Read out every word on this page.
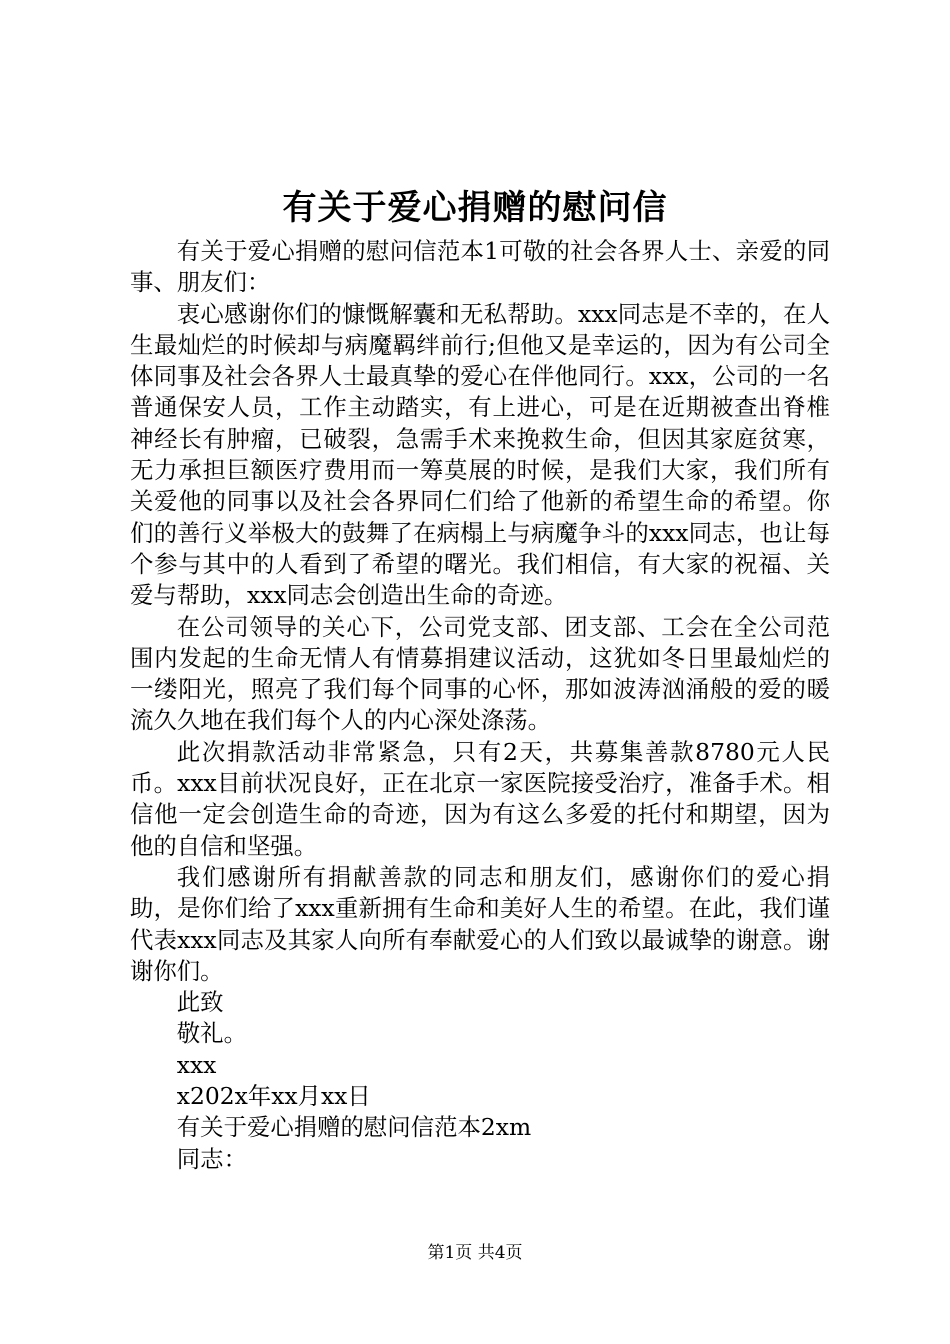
有关于爱心捐赠的慰问信

有关于爱心捐赠的慰问信范本1可敬的社会各界人士、亲爱的同事、朋友们：

衷心感谢你们的慷慨解囊和无私帮助。xxx同志是不幸的，在人生最灿烂的时候却与病魔羁绊前行;但他又是幸运的，因为有公司全体同事及社会各界人士最真挚的爱心在伴他同行。xxx，公司的一名普通保安人员，工作主动踏实，有上进心，可是在近期被查出脊椎神经长有肿瘤，已破裂，急需手术来挽救生命，但因其家庭贫寒，无力承担巨额医疗费用而一筹莫展的时候，是我们大家，我们所有关爱他的同事以及社会各界同仁们给了他新的希望生命的希望。你们的善行义举极大的鼓舞了在病榻上与病魔争斗的xxx同志，也让每个参与其中的人看到了希望的曙光。我们相信，有大家的祝福、关爱与帮助，xxx同志会创造出生命的奇迹。

在公司领导的关心下，公司党支部、团支部、工会在全公司范围内发起的生命无情人有情募捐建议活动，这犹如冬日里最灿烂的一缕阳光，照亮了我们每个同事的心怀，那如波涛汹涌般的爱的暖流久久地在我们每个人的内心深处涤荡。

此次捐款活动非常紧急，只有2天，共募集善款8780元人民币。xxx目前状况良好，正在北京一家医院接受治疗，准备手术。相信他一定会创造生命的奇迹，因为有这么多爱的托付和期望，因为他的自信和坚强。

我们感谢所有捐献善款的同志和朋友们，感谢你们的爱心捐助，是你们给了xxx重新拥有生命和美好人生的希望。在此，我们谨代表xxx同志及其家人向所有奉献爱心的人们致以最诚挚的谢意。谢谢你们。

此致

敬礼。

xxx

x202x年xx月xx日

有关于爱心捐赠的慰问信范本2xm

同志：

第1页 共4页
